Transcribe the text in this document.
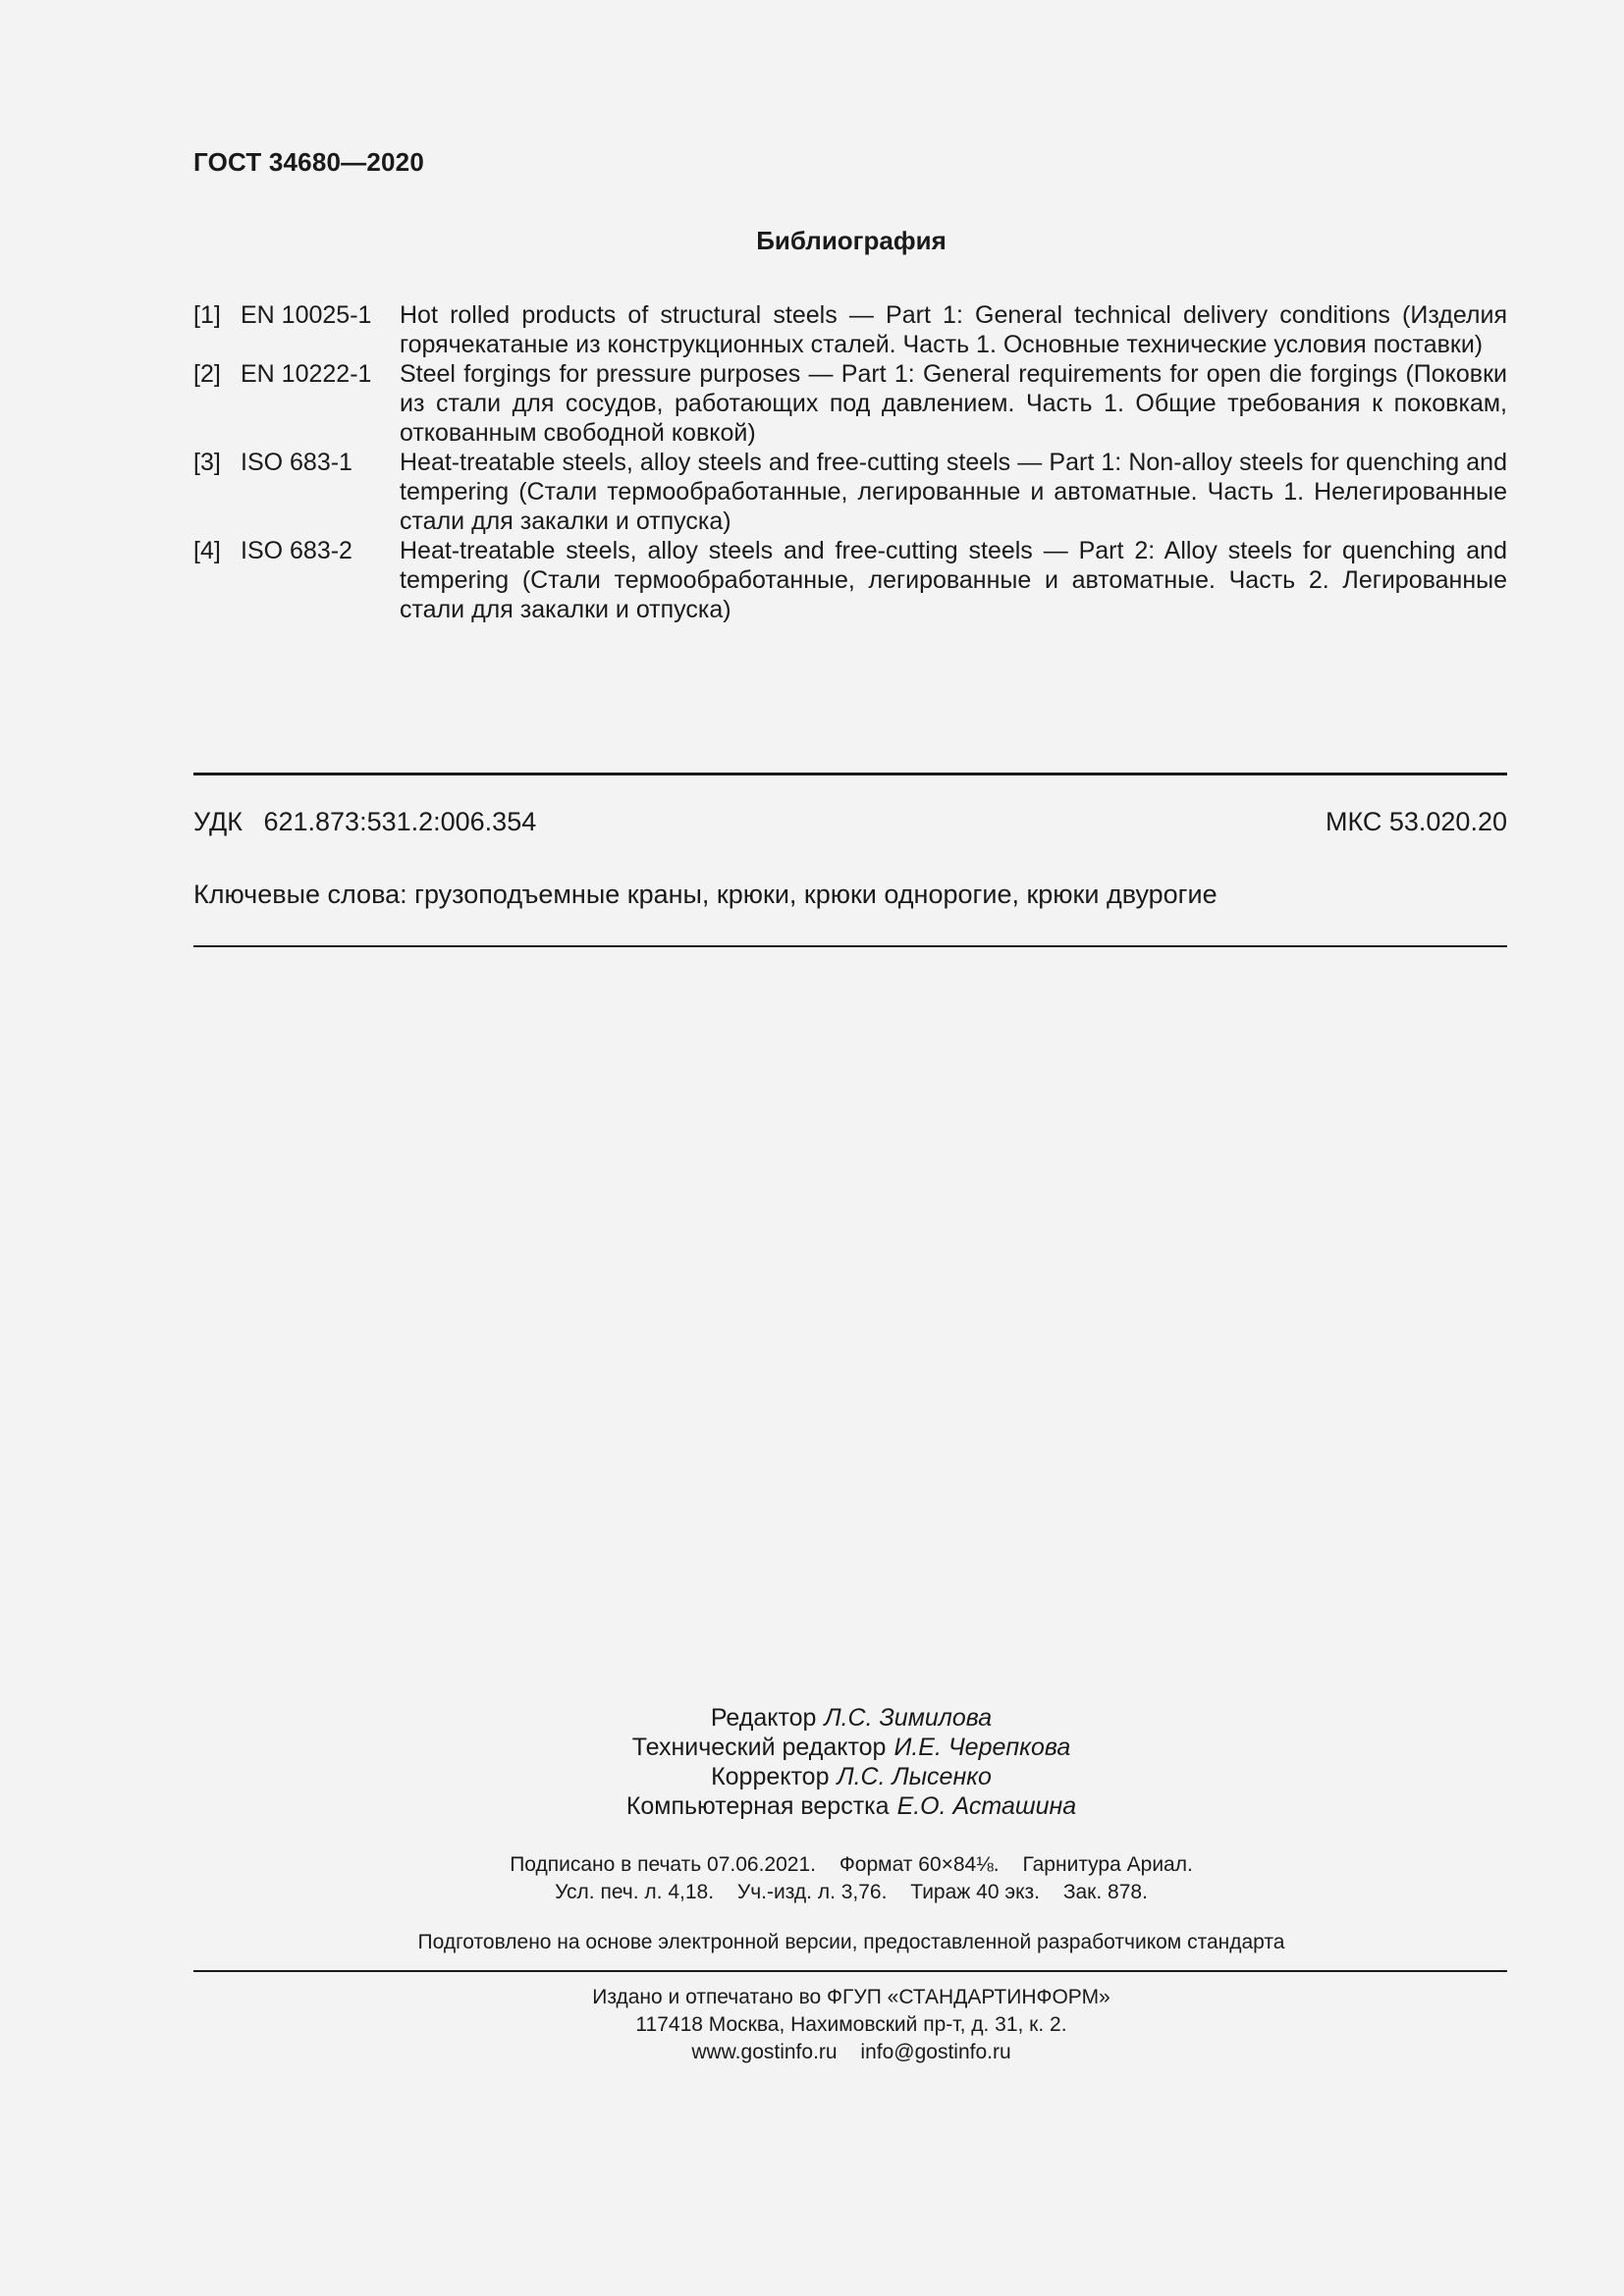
ГОСТ 34680—2020
Библиография
[1] EN 10025-1	Hot rolled products of structural steels — Part 1: General technical delivery conditions (Изделия горячекатаные из конструкционных сталей. Часть 1. Основные технические условия поставки)
[2] EN 10222-1	Steel forgings for pressure purposes — Part 1: General requirements for open die forgings (Поковки из стали для сосудов, работающих под давлением. Часть 1. Общие требования к поковкам, откованным свободной ковкой)
[3] ISO 683-1	Heat-treatable steels, alloy steels and free-cutting steels — Part 1: Non-alloy steels for quenching and tempering (Стали термообработанные, легированные и автоматные. Часть 1. Нелегированные стали для закалки и отпуска)
[4] ISO 683-2	Heat-treatable steels, alloy steels and free-cutting steels — Part 2: Alloy steels for quenching and tempering (Стали термообработанные, легированные и автоматные. Часть 2. Легированные стали для закалки и отпуска)
УДК 621.873:531.2:006.354	МКС 53.020.20
Ключевые слова: грузоподъемные краны, крюки, крюки однорогие, крюки двурогие
Редактор Л.С. Зимилова
Технический редактор И.Е. Черепкова
Корректор Л.С. Лысенко
Компьютерная верстка Е.О. Асташина
Подписано в печать 07.06.2021. Формат 60×84⅛. Гарнитура Ариал.
Усл. печ. л. 4,18. Уч.-изд. л. 3,76. Тираж 40 экз. Зак. 878.
Подготовлено на основе электронной версии, предоставленной разработчиком стандарта
Издано и отпечатано во ФГУП «СТАНДАРТИНФОРМ»
117418 Москва, Нахимовский пр-т, д. 31, к. 2.
www.gostinfo.ru info@gostinfo.ru
